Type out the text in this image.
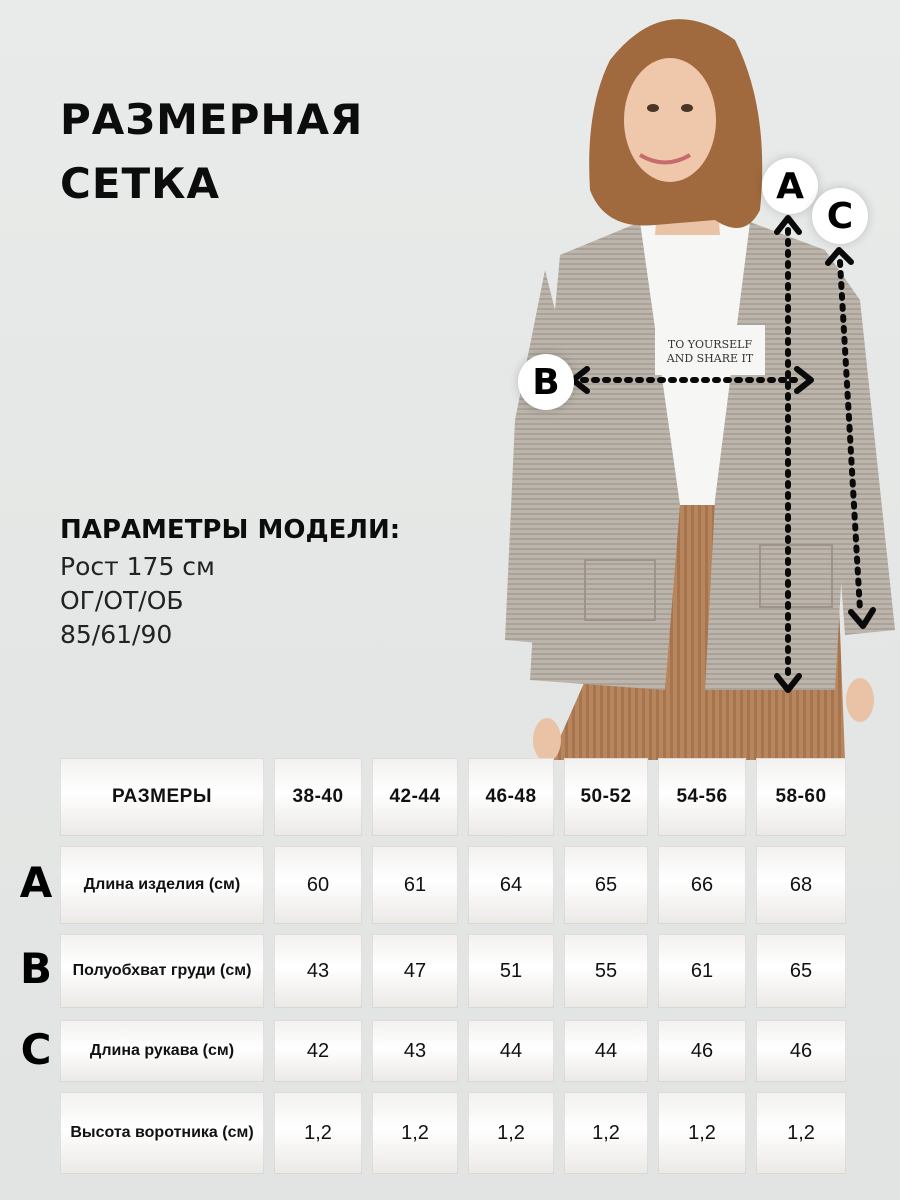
РАЗМЕРНАЯ
СЕТКА
ПАРАМЕТРЫ МОДЕЛИ:
Рост 175 см
ОГ/ОТ/ОБ
85/61/90
TO YOURSELF
AND SHARE IT
A
C
B
РАЗМЕРЫ	38-40	42-44	46-48	50-52	54-56	58-60
A	Длина изделия (см)	60	61	64	65	66	68
B	Полуобхват груди (см)	43	47	51	55	61	65
C	Длина рукава (см)	42	43	44	44	46	46
Высота воротника (см)	1,2	1,2	1,2	1,2	1,2	1,2
